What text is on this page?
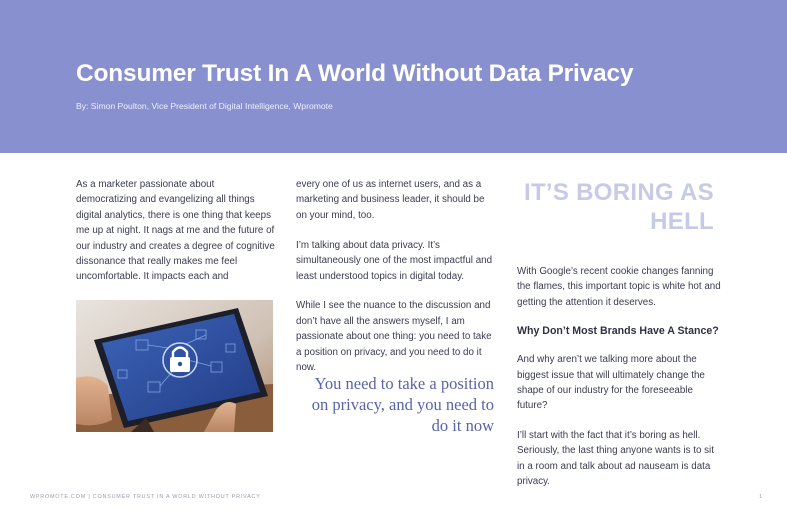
Consumer Trust In A World Without Data Privacy
By: Simon Poulton, Vice President of Digital Intelligence, Wpromote

As a marketer passionate about democratizing and evangelizing all things digital analytics, there is one thing that keeps me up at night. It nags at me and the future of our industry and creates a degree of cognitive dissonance that really makes me feel uncomfortable. It impacts each and

every one of us as internet users, and as a marketing and business leader, it should be on your mind, too.

I’m talking about data privacy. It’s simultaneously one of the most impactful and least understood topics in digital today.

While I see the nuance to the discussion and don’t have all the answers myself, I am passionate about one thing: you need to take a position on privacy, and you need to do it now.

You need to take a position on privacy, and you need to do it now
IT’S BORING AS HELL

With Google’s recent cookie changes fanning the flames, this important topic is white hot and getting the attention it deserves.

Why Don’t Most Brands Have A Stance?

And why aren’t we talking more about the biggest issue that will ultimately change the shape of our industry for the foreseeable future?

I’ll start with the fact that it’s boring as hell. Seriously, the last thing anyone wants is to sit in a room and talk about ad nauseam is data privacy.

WPROMOTE.COM | CONSUMER TRUST IN A WORLD WITHOUT PRIVACY	1
